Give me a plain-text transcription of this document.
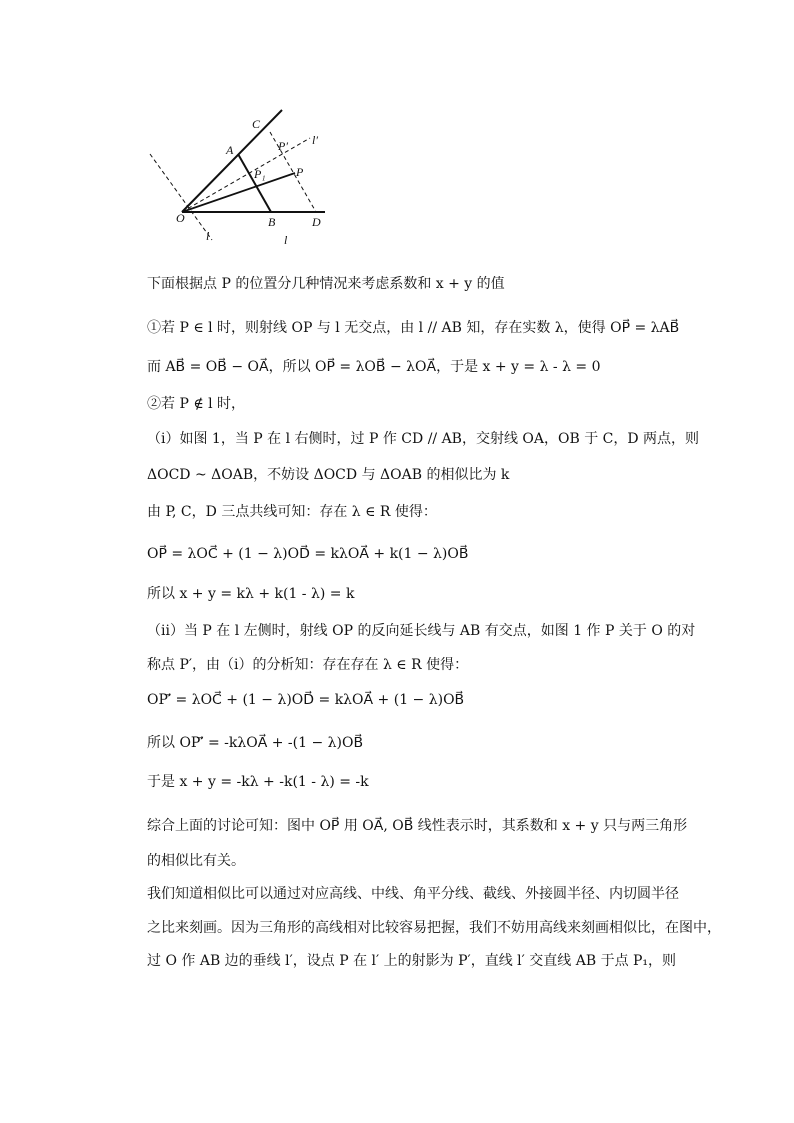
C
A	P′ l′
P₁	P
O
l
B	D
l
下面根据点 P 的位置分几种情况来考虑系数和 x + y 的值
①若 P ∈ l 时，则射线 OP 与 l 无交点，由 l // AB 知，存在实数 λ，使得 OP⃗ = λAB⃗
而 AB⃗ = OB⃗ − OA⃗，所以 OP⃗ = λOB⃗ − λOA⃗，于是 x + y = λ - λ = 0
②若 P ∉ l 时，
（i）如图 1，当 P 在 l 右侧时，过 P 作 CD // AB，交射线 OA，OB 于 C，D 两点，则
ΔOCD ~ ΔOAB，不妨设 ΔOCD 与 ΔOAB 的相似比为 k
由 P, C，D 三点共线可知：存在 λ ∈ R 使得：
OP⃗ = λOC⃗ + (1 − λ)OD⃗ = kλOA⃗ + k(1 − λ)OB⃗
所以 x + y = kλ + k(1 - λ) = k
（ii）当 P 在 l 左侧时，射线 OP 的反向延长线与 AB 有交点，如图 1 作 P 关于 O 的对
称点 P′，由（i）的分析知：存在存在 λ ∈ R 使得：
OP′⃗ = λOC⃗ + (1 − λ)OD⃗ = kλOA⃗ + (1 − λ)OB⃗
所以 OP′⃗ = -kλOA⃗ + -(1 − λ)OB⃗
于是 x + y = -kλ + -k(1 - λ) = -k
综合上面的讨论可知：图中 OP⃗ 用 OA⃗, OB⃗ 线性表示时，其系数和 x + y 只与两三角形
的相似比有关。
我们知道相似比可以通过对应高线、中线、角平分线、截线、外接圆半径、内切圆半径
之比来刻画。因为三角形的高线相对比较容易把握，我们不妨用高线来刻画相似比，在图中，
过 O 作 AB 边的垂线 l′，设点 P 在 l′ 上的射影为 P′，直线 l′ 交直线 AB 于点 P₁，则
